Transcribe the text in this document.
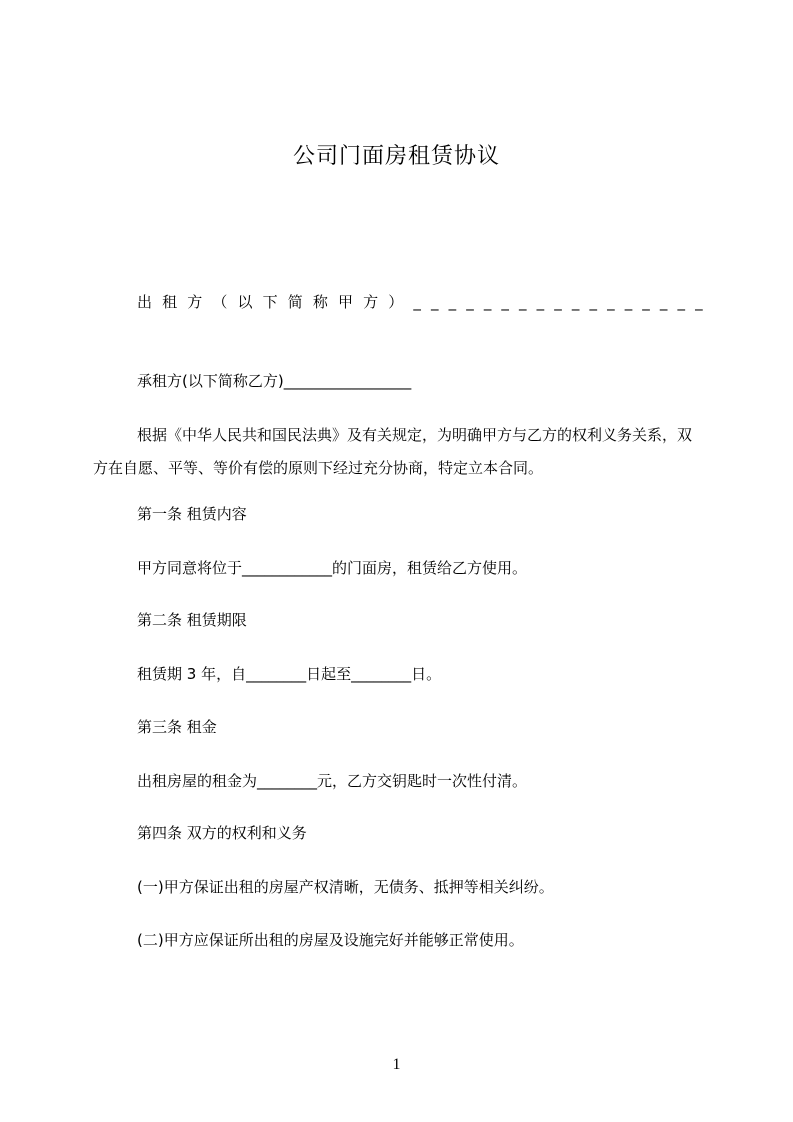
公司门面房租赁协议
出 租 方 （ 以 下 简 称 甲 方 ） _ _ _ _ _ _ _ _ _ _ _ _ _ _ _ _ _
承租方(以下简称乙方)_________________
根据《中华人民共和国民法典》及有关规定，为明确甲方与乙方的权利义务关系，双方在自愿、平等、等价有偿的原则下经过充分协商，特定立本合同。
第一条 租赁内容
甲方同意将位于____________的门面房，租赁给乙方使用。
第二条 租赁期限
租赁期 3 年，自________日起至________日。
第三条 租金
出租房屋的租金为________元，乙方交钥匙时一次性付清。
第四条 双方的权利和义务
(一)甲方保证出租的房屋产权清晰，无债务、抵押等相关纠纷。
(二)甲方应保证所出租的房屋及设施完好并能够正常使用。
1
